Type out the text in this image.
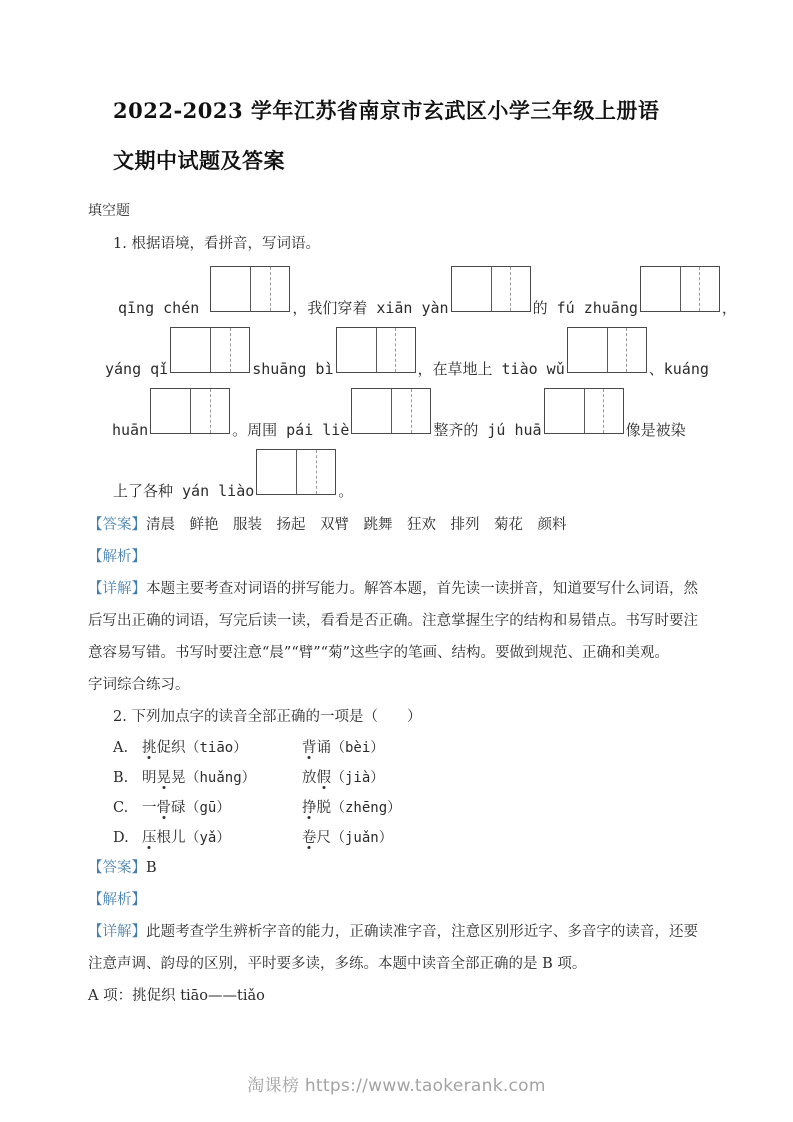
2022-2023 学年江苏省南京市玄武区小学三年级上册语文期中试题及答案
填空题
1. 根据语境，看拼音，写词语。
qīng chén	，我们穿着 xiān yàn	的 fú zhuāng	，
yáng qǐ	shuāng bì	，在草地上 tiào wǔ	、kuáng
huān	。周围 pái liè	整齐的 jú huā	像是被染
上了各种 yán liào	。

【答案】清晨　鲜艳　服装　扬起　双臂　跳舞　狂欢　排列　菊花　颜料

【解析】

【详解】本题主要考查对词语的拼写能力。解答本题，首先读一读拼音，知道要写什么词语，然后写出正确的词语，写完后读一读，看看是否正确。注意掌握生字的结构和易错点。书写时要注意容易写错。书写时要注意“晨”“臂”“菊”这些字的笔画、结构。要做到规范、正确和美观。

字词综合练习。

2. 下列加点字的读音全部正确的一项是（　　）
A. 挑促织（tiāo）	背诵（bèi）
B. 明晃晃（huǎng）	放假（jià）
C. 一骨碌（gū）	挣脱（zhēng）
D. 压根儿（yǎ）	卷尺（juǎn）

【答案】B

【解析】

【详解】此题考查学生辨析字音的能力，正确读准字音，注意区别形近字、多音字的读音，还要注意声调、韵母的区别，平时要多读，多练。本题中读音全部正确的是 B 项。

A 项：挑促织 tiāo——tiǎo

淘课榜 https://www.taokerank.com
